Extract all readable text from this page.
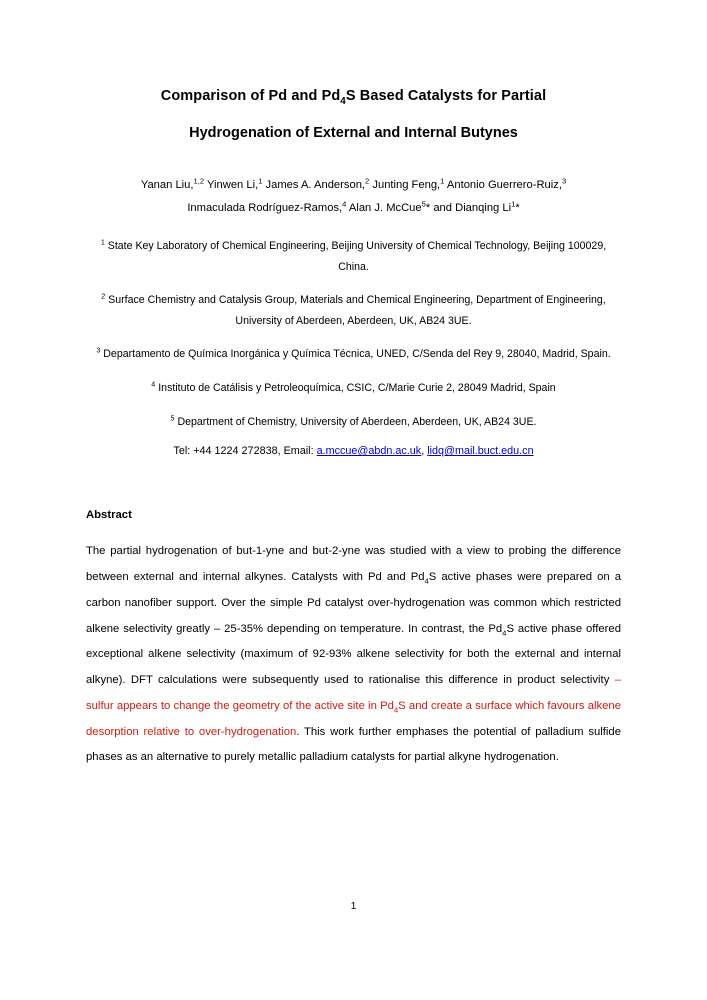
Comparison of Pd and $Pd_4S$ Based Catalysts for Partial
Hydrogenation of External and Internal Butynes
Yanan Liu,$^{1,2}$ Yinwen Li,$^1$ James A. Anderson,$^2$ Junting Feng,$^1$ Antonio Guerrero-Ruiz,$^3$
Inmaculada Rodríguez-Ramos,$^4$ Alan J. McCue$^5$* and Dianqing Li$^1$*

$^1$ State Key Laboratory of Chemical Engineering, Beijing University of Chemical Technology, Beijing 100029, China.

$^2$ Surface Chemistry and Catalysis Group, Materials and Chemical Engineering, Department of Engineering, University of Aberdeen, Aberdeen, UK, AB24 3UE.

$^3$ Departamento de Química Inorgánica y Química Técnica, UNED, C/Senda del Rey 9, 28040, Madrid, Spain.

$^4$ Instituto de Catálisis y Petroleoquímica, CSIC, C/Marie Curie 2, 28049 Madrid, Spain

$^5$ Department of Chemistry, University of Aberdeen, Aberdeen, UK, AB24 3UE.

Tel: +44 1224 272838, Email: a.mccue@abdn.ac.uk, lidq@mail.buct.edu.cn
Abstract
The partial hydrogenation of but-1-yne and but-2-yne was studied with a view to probing the difference between external and internal alkynes. Catalysts with Pd and $Pd_4S$ active phases were prepared on a carbon nanofiber support. Over the simple Pd catalyst over-hydrogenation was common which restricted alkene selectivity greatly – 25-35% depending on temperature. In contrast, the $Pd_4S$ active phase offered exceptional alkene selectivity (maximum of 92-93% alkene selectivity for both the external and internal alkyne). DFT calculations were subsequently used to rationalise this difference in product selectivity – sulfur appears to change the geometry of the active site in $Pd_4S$ and create a surface which favours alkene desorption relative to over-hydrogenation. This work further emphases the potential of palladium sulfide phases as an alternative to purely metallic palladium catalysts for partial alkyne hydrogenation.
1
